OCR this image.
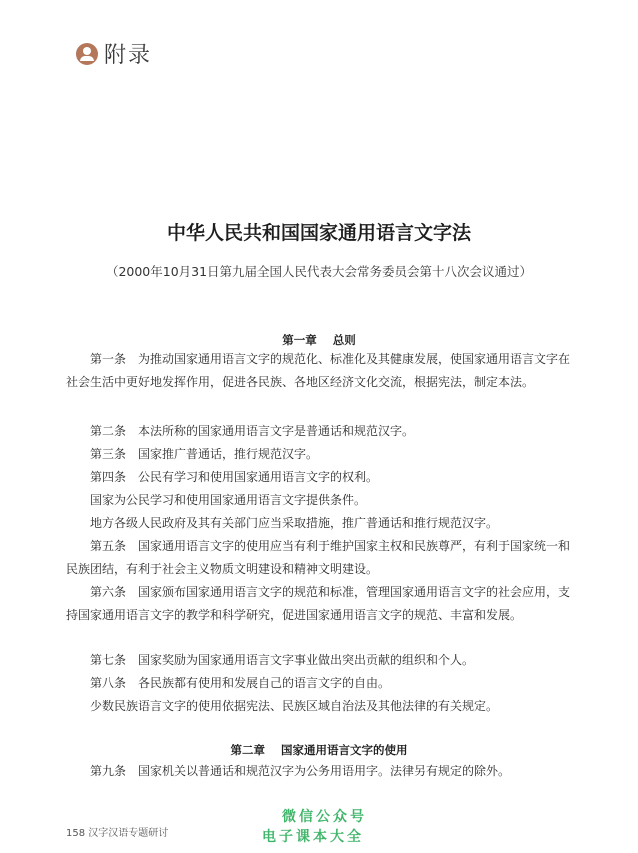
附录
中华人民共和国国家通用语言文字法
（2000年10月31日第九届全国人民代表大会常务委员会第十八次会议通过）
第一章 总则
第一条　为推动国家通用语言文字的规范化、标准化及其健康发展，使国家通用语言文字在社会生活中更好地发挥作用，促进各民族、各地区经济文化交流，根据宪法，制定本法。
第二条　本法所称的国家通用语言文字是普通话和规范汉字。
第三条　国家推广普通话，推行规范汉字。
第四条　公民有学习和使用国家通用语言文字的权利。
国家为公民学习和使用国家通用语言文字提供条件。
地方各级人民政府及其有关部门应当采取措施，推广普通话和推行规范汉字。
第五条　国家通用语言文字的使用应当有利于维护国家主权和民族尊严，有利于国家统一和民族团结，有利于社会主义物质文明建设和精神文明建设。
第六条　国家颁布国家通用语言文字的规范和标准，管理国家通用语言文字的社会应用，支持国家通用语言文字的教学和科学研究，促进国家通用语言文字的规范、丰富和发展。
第七条　国家奖励为国家通用语言文字事业做出突出贡献的组织和个人。
第八条　各民族都有使用和发展自己的语言文字的自由。
少数民族语言文字的使用依据宪法、民族区域自治法及其他法律的有关规定。
第二章 国家通用语言文字的使用
第九条　国家机关以普通话和规范汉字为公务用语用字。法律另有规定的除外。
158 汉字汉语专题研讨
微信公众号
电子课本大全
